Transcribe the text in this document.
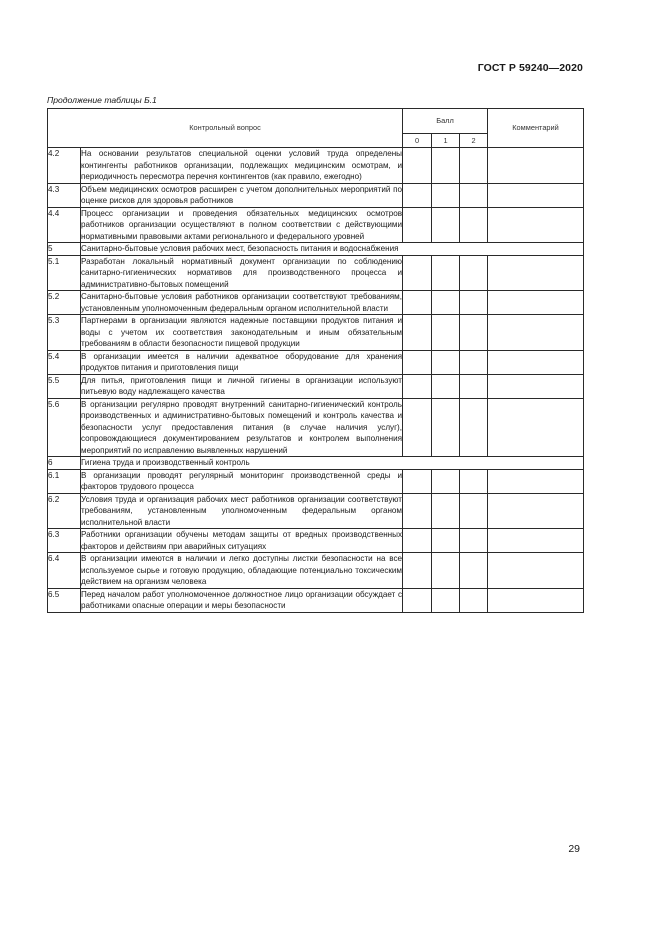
ГОСТ Р 59240—2020
Продолжение таблицы Б.1
Контрольный вопрос		Балл			Комментарий
		0	1	2	
4.2	На основании результатов специальной оценки условий труда определены контингенты работников организации, подлежащих медицинским осмотрам, и периодичность пересмотра перечня контингентов (как правило, ежегодно)				
4.3	Объем медицинских осмотров расширен с учетом дополнительных мероприятий по оценке рисков для здоровья работников				
4.4	Процесс организации и проведения обязательных медицинских осмотров работников организации осуществляют в полном соответствии с действующими нормативными правовыми актами регионального и федерального уровней				
5	Санитарно-бытовые условия рабочих мест, безопасность питания и водоснабжения				
5.1	Разработан локальный нормативный документ организации по соблюдению санитарно-гигиенических нормативов для производственного процесса и административно-бытовых помещений				
5.2	Санитарно-бытовые условия работников организации соответствуют требованиям, установленным уполномоченным федеральным органом исполнительной власти				
5.3	Партнерами в организации являются надежные поставщики продуктов питания и воды с учетом их соответствия законодательным и иным обязательным требованиям в области безопасности пищевой продукции				
5.4	В организации имеется в наличии адекватное оборудование для хранения продуктов питания и приготовления пищи				
5.5	Для питья, приготовления пищи и личной гигиены в организации используют питьевую воду надлежащего качества				
5.6	В организации регулярно проводят внутренний санитарно-гигиенический контроль производственных и административно-бытовых помещений и контроль качества и безопасности услуг предоставления питания (в случае наличия услуг), сопровождающиеся документированием результатов и контролем выполнения мероприятий по исправлению выявленных нарушений				
6	Гигиена труда и производственный контроль				
6.1	В организации проводят регулярный мониторинг производственной среды и факторов трудового процесса				
6.2	Условия труда и организация рабочих мест работников организации соответствуют требованиям, установленным уполномоченным федеральным органом исполнительной власти				
6.3	Работники организации обучены методам защиты от вредных производственных факторов и действиям при аварийных ситуациях				
6.4	В организации имеются в наличии и легко доступны листки безопасности на все используемое сырье и готовую продукцию, обладающие потенциально токсическим действием на организм человека				
6.5	Перед началом работ уполномоченное должностное лицо организации обсуждает с работниками опасные операции и меры безопасности				
29
